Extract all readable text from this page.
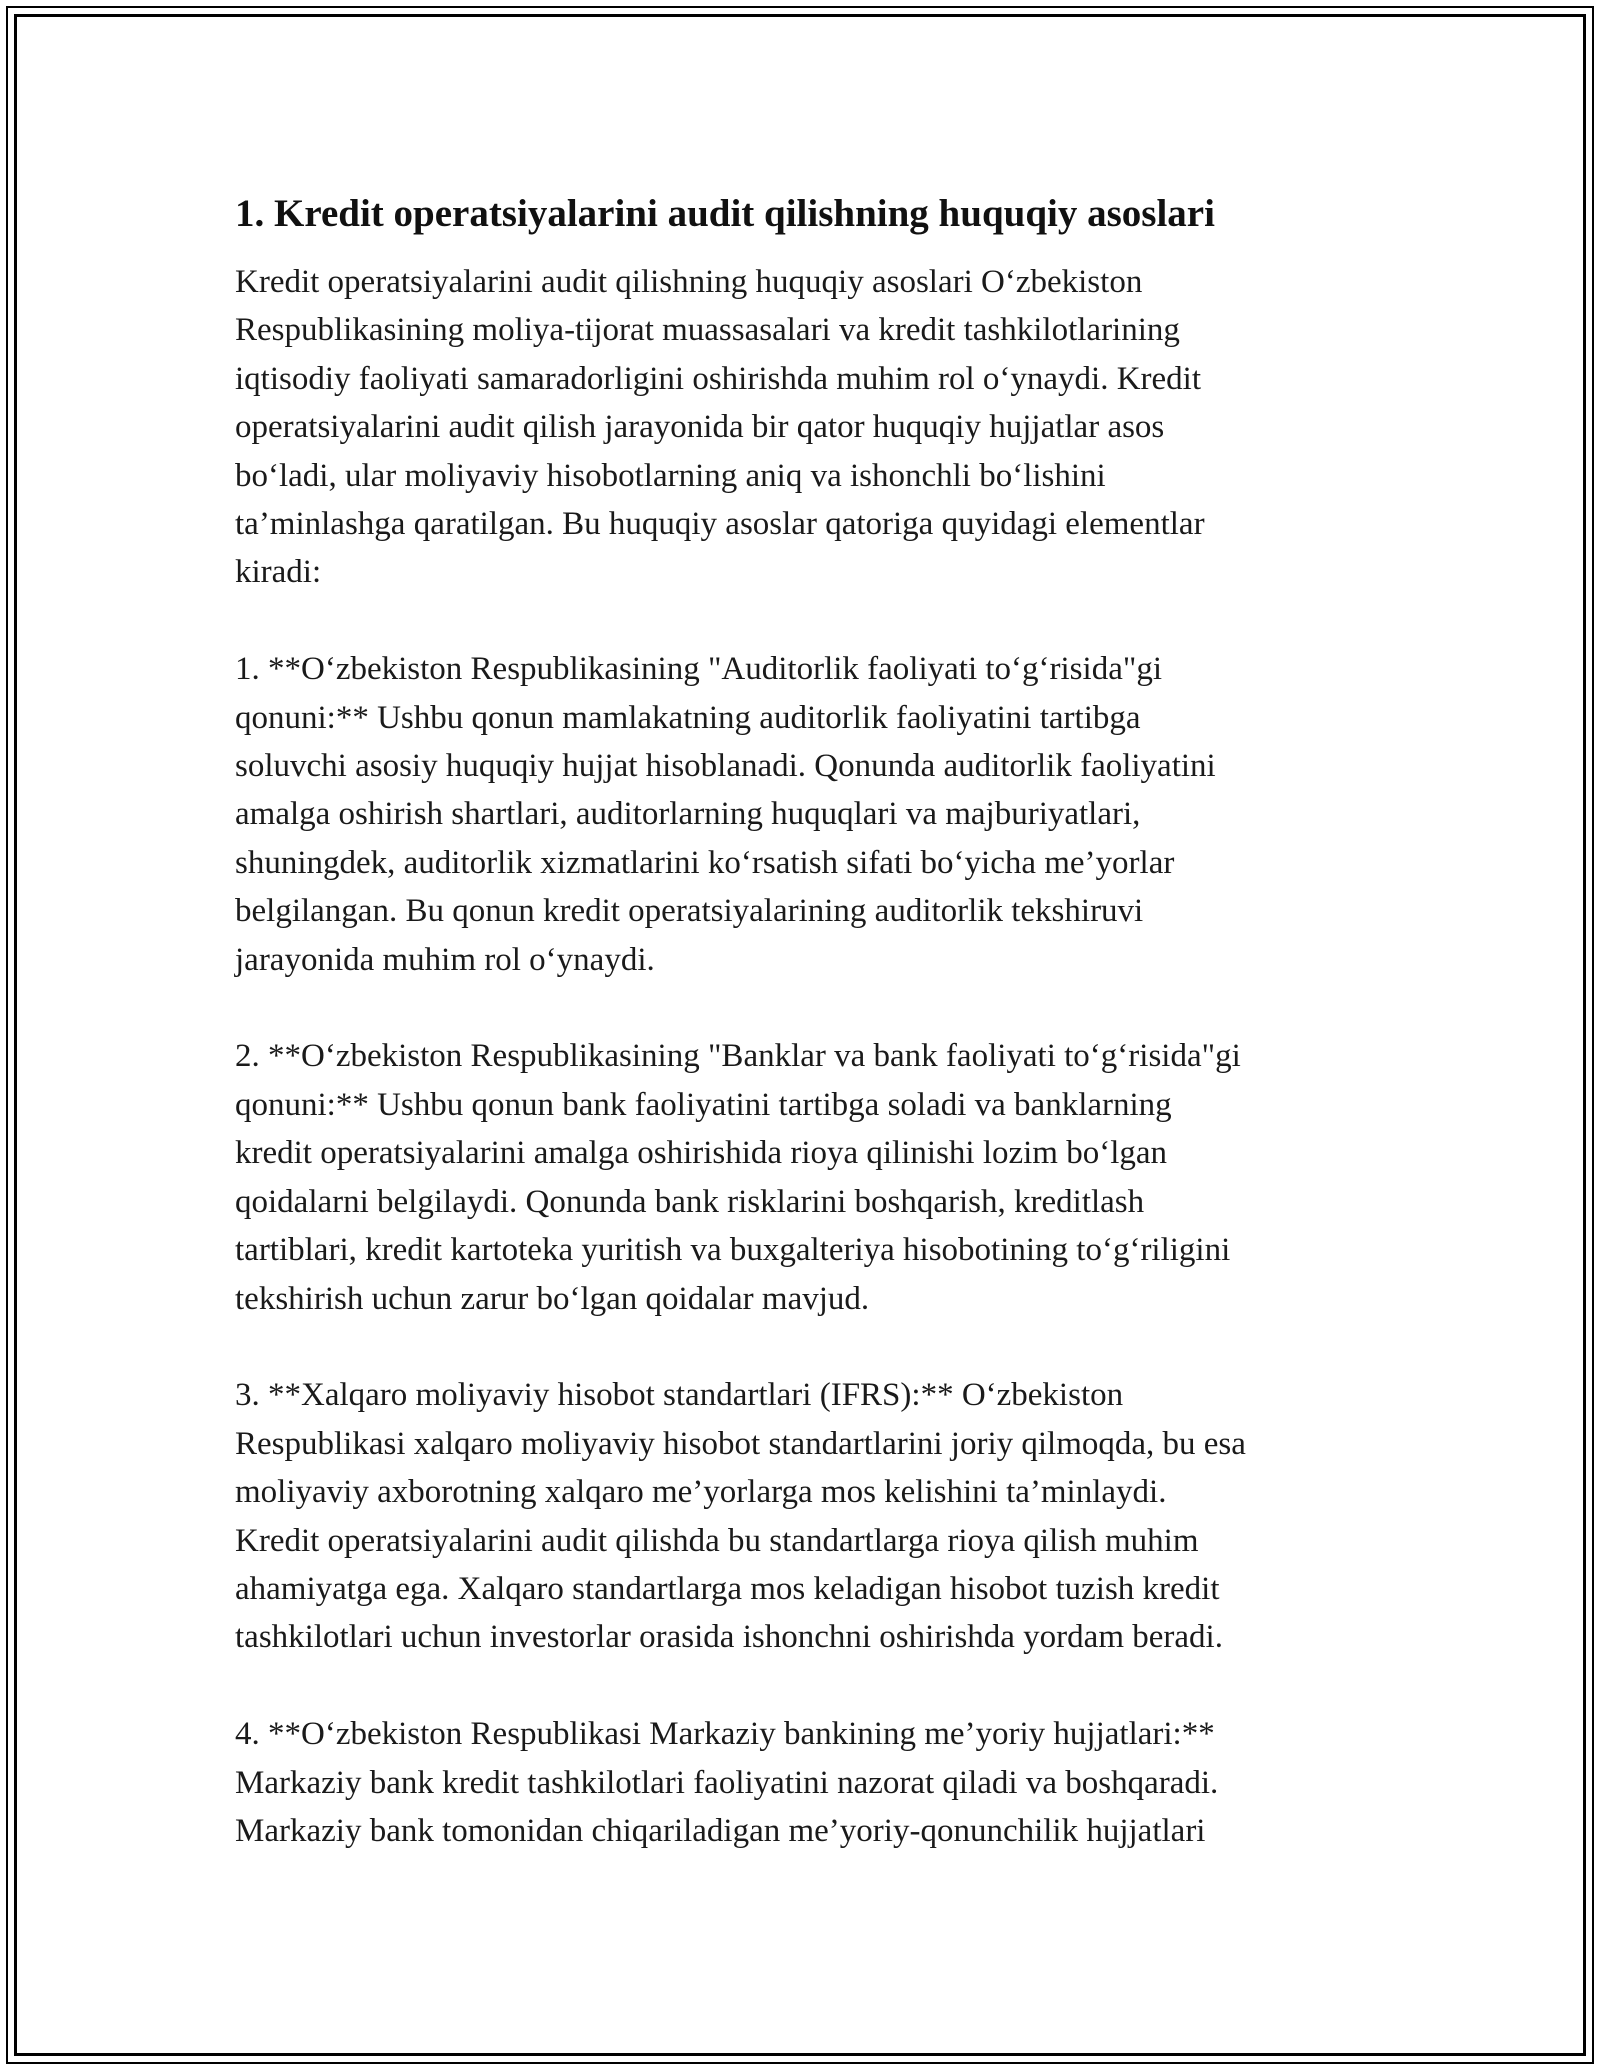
1. Kredit operatsiyalarini audit qilishning huquqiy asoslari

Kredit operatsiyalarini audit qilishning huquqiy asoslari O‘zbekiston
Respublikasining moliya-tijorat muassasalari va kredit tashkilotlarining
iqtisodiy faoliyati samaradorligini oshirishda muhim rol o‘ynaydi. Kredit
operatsiyalarini audit qilish jarayonida bir qator huquqiy hujjatlar asos
bo‘ladi, ular moliyaviy hisobotlarning aniq va ishonchli bo‘lishini
ta’minlashga qaratilgan. Bu huquqiy asoslar qatoriga quyidagi elementlar
kiradi:

1. **O‘zbekiston Respublikasining "Auditorlik faoliyati to‘g‘risida"gi
qonuni:** Ushbu qonun mamlakatning auditorlik faoliyatini tartibga
soluvchi asosiy huquqiy hujjat hisoblanadi. Qonunda auditorlik faoliyatini
amalga oshirish shartlari, auditorlarning huquqlari va majburiyatlari,
shuningdek, auditorlik xizmatlarini ko‘rsatish sifati bo‘yicha me’yorlar
belgilangan. Bu qonun kredit operatsiyalarining auditorlik tekshiruvi
jarayonida muhim rol o‘ynaydi.

2. **O‘zbekiston Respublikasining "Banklar va bank faoliyati to‘g‘risida"gi
qonuni:** Ushbu qonun bank faoliyatini tartibga soladi va banklarning
kredit operatsiyalarini amalga oshirishida rioya qilinishi lozim bo‘lgan
qoidalarni belgilaydi. Qonunda bank risklarini boshqarish, kreditlash
tartiblari, kredit kartoteka yuritish va buxgalteriya hisobotining to‘g‘riligini
tekshirish uchun zarur bo‘lgan qoidalar mavjud.

3. **Xalqaro moliyaviy hisobot standartlari (IFRS):** O‘zbekiston
Respublikasi xalqaro moliyaviy hisobot standartlarini joriy qilmoqda, bu esa
moliyaviy axborotning xalqaro me’yorlarga mos kelishini ta’minlaydi.
Kredit operatsiyalarini audit qilishda bu standartlarga rioya qilish muhim
ahamiyatga ega. Xalqaro standartlarga mos keladigan hisobot tuzish kredit
tashkilotlari uchun investorlar orasida ishonchni oshirishda yordam beradi.

4. **O‘zbekiston Respublikasi Markaziy bankining me’yoriy hujjatlari:**
Markaziy bank kredit tashkilotlari faoliyatini nazorat qiladi va boshqaradi.
Markaziy bank tomonidan chiqariladigan me’yoriy-qonunchilik hujjatlari
